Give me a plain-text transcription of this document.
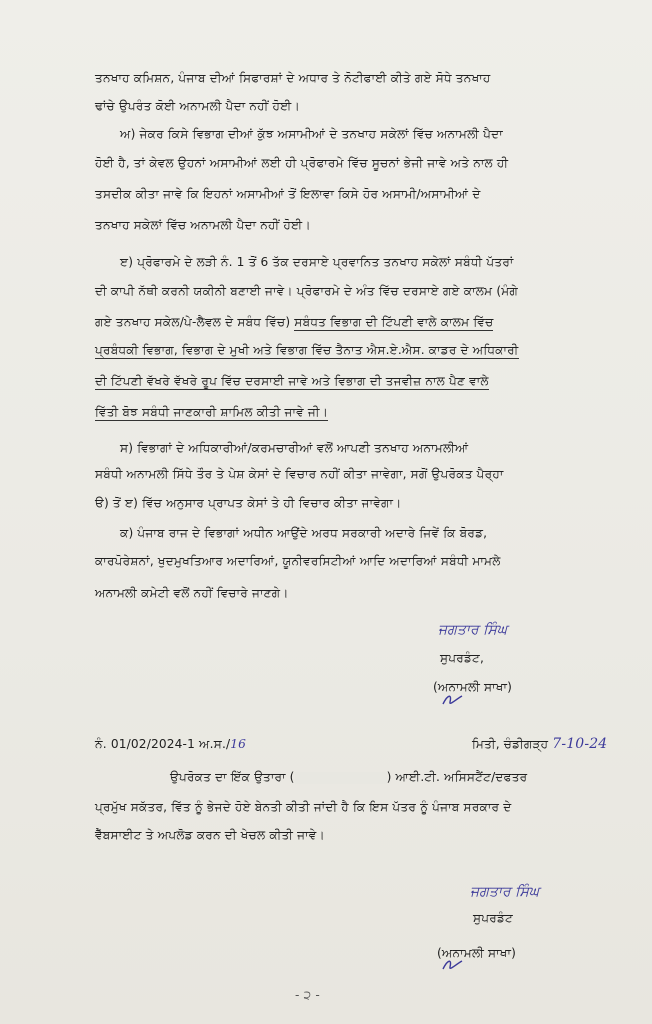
ਤਨਖਾਹ ਕਮਿਸ਼ਨ, ਪੰਜਾਬ ਦੀਆਂ ਸਿਫਾਰਸ਼ਾਂ ਦੇ ਅਧਾਰ ਤੇ ਨੋਟੀਫਾਈ ਕੀਤੇ ਗਏ ਸੋਧੇ ਤਨਖਾਹ
ਢਾਂਚੇ ਉਪਰੰਤ ਕੋਈ ਅਨਾਮਲੀ ਪੈਦਾ ਨਹੀਂ ਹੋਈ।
ਅ) ਜੇਕਰ ਕਿਸੇ ਵਿਭਾਗ ਦੀਆਂ ਕੁੱਝ ਅਸਾਮੀਆਂ ਦੇ ਤਨਖਾਹ ਸਕੇਲਾਂ ਵਿੱਚ ਅਨਾਮਲੀ ਪੈਦਾ
ਹੋਈ ਹੈ, ਤਾਂ ਕੇਵਲ ਉਹਨਾਂ ਅਸਾਮੀਆਂ ਲਈ ਹੀ ਪ੍ਰੋਫਾਰਮੇ ਵਿੱਚ ਸੂਚਨਾਂ ਭੇਜੀ ਜਾਵੇ ਅਤੇ ਨਾਲ ਹੀ
ਤਸਦੀਕ ਕੀਤਾ ਜਾਵੇ ਕਿ ਇਹਨਾਂ ਅਸਾਮੀਆਂ ਤੋਂ ਇਲਾਵਾ ਕਿਸੇ ਹੋਰ ਅਸਾਮੀ/ਅਸਾਮੀਆਂ ਦੇ
ਤਨਖਾਹ ਸਕੇਲਾਂ ਵਿੱਚ ਅਨਾਮਲੀ ਪੈਦਾ ਨਹੀਂ ਹੋਈ।
ੲ) ਪ੍ਰੋਫਾਰਮੇ ਦੇ ਲੜੀ ਨੰ. 1 ਤੋਂ 6 ਤੱਕ ਦਰਸਾਏ ਪ੍ਰਵਾਨਿਤ ਤਨਖਾਹ ਸਕੇਲਾਂ ਸਬੰਧੀ ਪੱਤਰਾਂ
ਦੀ ਕਾਪੀ ਨੱਥੀ ਕਰਨੀ ਯਕੀਨੀ ਬਣਾਈ ਜਾਵੇ। ਪ੍ਰੋਫਾਰਮੇ ਦੇ ਅੰਤ ਵਿੱਚ ਦਰਸਾਏ ਗਏ ਕਾਲਮ (ਮੰਗੇ
ਗਏ ਤਨਖਾਹ ਸਕੇਲ/ਪੇ-ਲੈਵਲ ਦੇ ਸਬੰਧ ਵਿੱਚ) ਸਬੰਧਤ ਵਿਭਾਗ ਦੀ ਟਿੱਪਣੀ ਵਾਲੇ ਕਾਲਮ ਵਿੱਚ
ਪ੍ਰਬੰਧਕੀ ਵਿਭਾਗ, ਵਿਭਾਗ ਦੇ ਮੁਖੀ ਅਤੇ ਵਿਭਾਗ ਵਿੱਚ ਤੈਨਾਤ ਐਸ.ਏ.ਐਸ. ਕਾਡਰ ਦੇ ਅਧਿਕਾਰੀ
ਦੀ ਟਿੱਪਣੀ ਵੱਖਰੇ ਵੱਖਰੇ ਰੂਪ ਵਿੱਚ ਦਰਸਾਈ ਜਾਵੇ ਅਤੇ ਵਿਭਾਗ ਦੀ ਤਜਵੀਜ਼ ਨਾਲ ਪੈਣ ਵਾਲੇ
ਵਿੱਤੀ ਬੋਝ ਸਬੰਧੀ ਜਾਣਕਾਰੀ ਸ਼ਾਮਿਲ ਕੀਤੀ ਜਾਵੇ ਜੀ।
ਸ) ਵਿਭਾਗਾਂ ਦੇ ਅਧਿਕਾਰੀਆਂ/ਕਰਮਚਾਰੀਆਂ ਵਲੋਂ ਆਪਣੀ ਤਨਖਾਹ ਅਨਾਮਲੀਆਂ
ਸਬੰਧੀ ਅਨਾਮਲੀ ਸਿੱਧੇ ਤੌਰ ਤੇ ਪੇਸ਼ ਕੇਸਾਂ ਦੇ ਵਿਚਾਰ ਨਹੀਂ ਕੀਤਾ ਜਾਵੇਗਾ, ਸਗੋਂ ਉਪਰੋਕਤ ਪੈਰ੍ਹਾ
ੳ) ਤੋਂ ੲ) ਵਿੱਚ ਅਨੁਸਾਰ ਪ੍ਰਾਪਤ ਕੇਸਾਂ ਤੇ ਹੀ ਵਿਚਾਰ ਕੀਤਾ ਜਾਵੇਗਾ।
ਕ) ਪੰਜਾਬ ਰਾਜ ਦੇ ਵਿਭਾਗਾਂ ਅਧੀਨ ਆਉਂਦੇ ਅਰਧ ਸਰਕਾਰੀ ਅਦਾਰੇ ਜਿਵੇਂ ਕਿ ਬੋਰਡ,
ਕਾਰਪੋਰੇਸ਼ਨਾਂ, ਖੁਦਮੁਖਤਿਆਰ ਅਦਾਰਿਆਂ, ਯੂਨੀਵਰਸਿਟੀਆਂ ਆਦਿ ਅਦਾਰਿਆਂ ਸਬੰਧੀ ਮਾਮਲੇ
ਅਨਾਮਲੀ ਕਮੇਟੀ ਵਲੋਂ ਨਹੀਂ ਵਿਚਾਰੇ ਜਾਣਗੇ।
ਜਗਤਾਰ ਸਿੰਘ
ਸੁਪਰਡੰਟ,
(ਅਨਾਮਲੀ ਸਾਖਾ)
ਨੰ. 01/02/2024-1 ਅ.ਸ./16	ਮਿਤੀ, ਚੰਡੀਗੜ੍ਹ 7-10-24
ਉਪਰੋਕਤ ਦਾ ਇੱਕ ਉਤਾਰਾ (	) ਆਈ.ਟੀ. ਅਸਿਸਟੈਂਟ/ਦਫਤਰ
ਪ੍ਰਮੁੱਖ ਸਕੱਤਰ, ਵਿੱਤ ਨੂੰ ਭੇਜਦੇ ਹੋਏ ਬੇਨਤੀ ਕੀਤੀ ਜਾਂਦੀ ਹੈ ਕਿ ਇਸ ਪੱਤਰ ਨੂੰ ਪੰਜਾਬ ਸਰਕਾਰ ਦੇ
ਵੈੱਬਸਾਈਟ ਤੇ ਅਪਲੋਡ ਕਰਨ ਦੀ ਖੇਚਲ ਕੀਤੀ ਜਾਵੇ।
ਜਗਤਾਰ ਸਿੰਘ
ਸੁਪਰਡੰਟ
(ਅਨਾਮਲੀ ਸਾਖਾ)
- ੨ -
